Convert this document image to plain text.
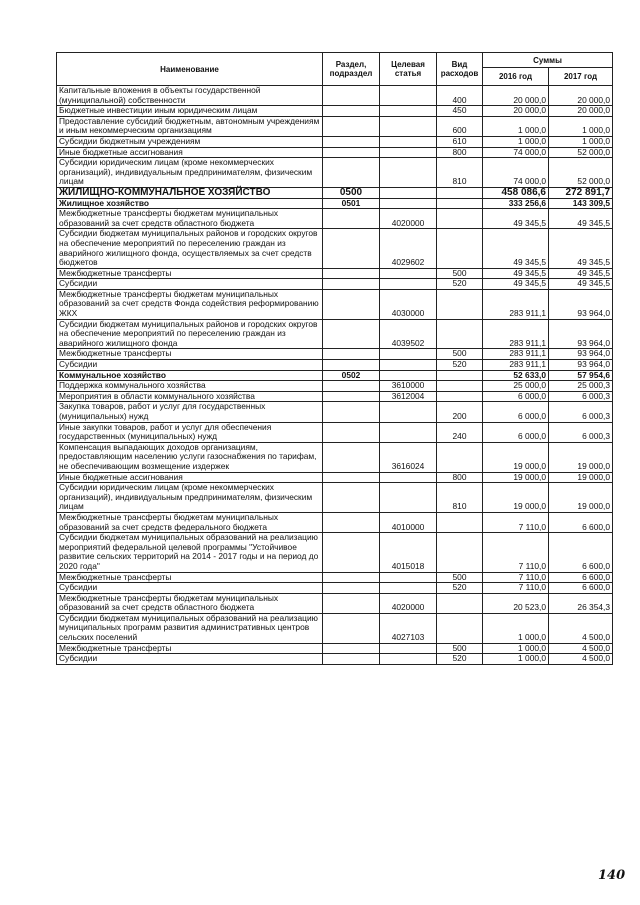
Наименование	Раздел, подраздел	Целевая статья	Вид расходов	Суммы	
				2016 год	2017 год
Капитальные вложения в объекты государственной (муниципальной) собственности			400	20 000,0	20 000,0
Бюджетные инвестиции иным юридическим лицам			450	20 000,0	20 000,0
Предоставление субсидий бюджетным, автономным учреждениям и иным некоммерческим организациям			600	1 000,0	1 000,0
Субсидии бюджетным учреждениям			610	1 000,0	1 000,0
Иные бюджетные ассигнования			800	74 000,0	52 000,0
Субсидии юридическим лицам (кроме некоммерческих организаций), индивидуальным предпринимателям, физическим лицам			810	74 000,0	52 000,0
ЖИЛИЩНО-КОММУНАЛЬНОЕ ХОЗЯЙСТВО	0500			458 086,6	272 891,7
Жилищное хозяйство	0501			333 256,6	143 309,5
Межбюджетные трансферты бюджетам муниципальных образований за счет средств областного бюджета		4020000		49 345,5	49 345,5
Субсидии бюджетам муниципальных районов и городских округов на обеспечение мероприятий по переселению граждан из аварийного жилищного фонда, осуществляемых за счет средств бюджетов		4029602		49 345,5	49 345,5
Межбюджетные трансферты			500	49 345,5	49 345,5
Субсидии			520	49 345,5	49 345,5
Межбюджетные трансферты бюджетам муниципальных образований за счет средств Фонда содействия реформированию ЖКХ		4030000		283 911,1	93 964,0
Субсидии бюджетам муниципальных районов и городских округов на обеспечение мероприятий по переселению граждан из аварийного жилищного фонда		4039502		283 911,1	93 964,0
Межбюджетные трансферты			500	283 911,1	93 964,0
Субсидии			520	283 911,1	93 964,0
Коммунальное хозяйство	0502			52 633,0	57 954,6
Поддержка коммунального хозяйства		3610000		25 000,0	25 000,3
Мероприятия в области коммунального хозяйства		3612004		6 000,0	6 000,3
Закупка товаров, работ и услуг для государственных (муниципальных) нужд			200	6 000,0	6 000,3
Иные закупки товаров, работ и услуг для обеспечения государственных (муниципальных) нужд			240	6 000,0	6 000,3
Компенсация выпадающих доходов организациям, предоставляющим населению услуги газоснабжения по тарифам, не обеспечивающим возмещение издержек		3616024		19 000,0	19 000,0
Иные бюджетные ассигнования			800	19 000,0	19 000,0
Субсидии юридическим лицам (кроме некоммерческих организаций), индивидуальным предпринимателям, физическим лицам			810	19 000,0	19 000,0
Межбюджетные трансферты бюджетам муниципальных образований за счет средств федерального бюджета		4010000		7 110,0	6 600,0
Субсидии бюджетам муниципальных образований на реализацию мероприятий федеральной целевой программы "Устойчивое развитие сельских территорий на 2014 - 2017 годы и на период до 2020 года"		4015018		7 110,0	6 600,0
Межбюджетные трансферты			500	7 110,0	6 600,0
Субсидии			520	7 110,0	6 600,0
Межбюджетные трансферты бюджетам муниципальных образований за счет средств областного бюджета		4020000		20 523,0	26 354,3
Субсидии бюджетам муниципальных образований на реализацию муниципальных программ развития административных центров сельских поселений		4027103		1 000,0	4 500,0
Межбюджетные трансферты			500	1 000,0	4 500,0
Субсидии			520	1 000,0	4 500,0
140
